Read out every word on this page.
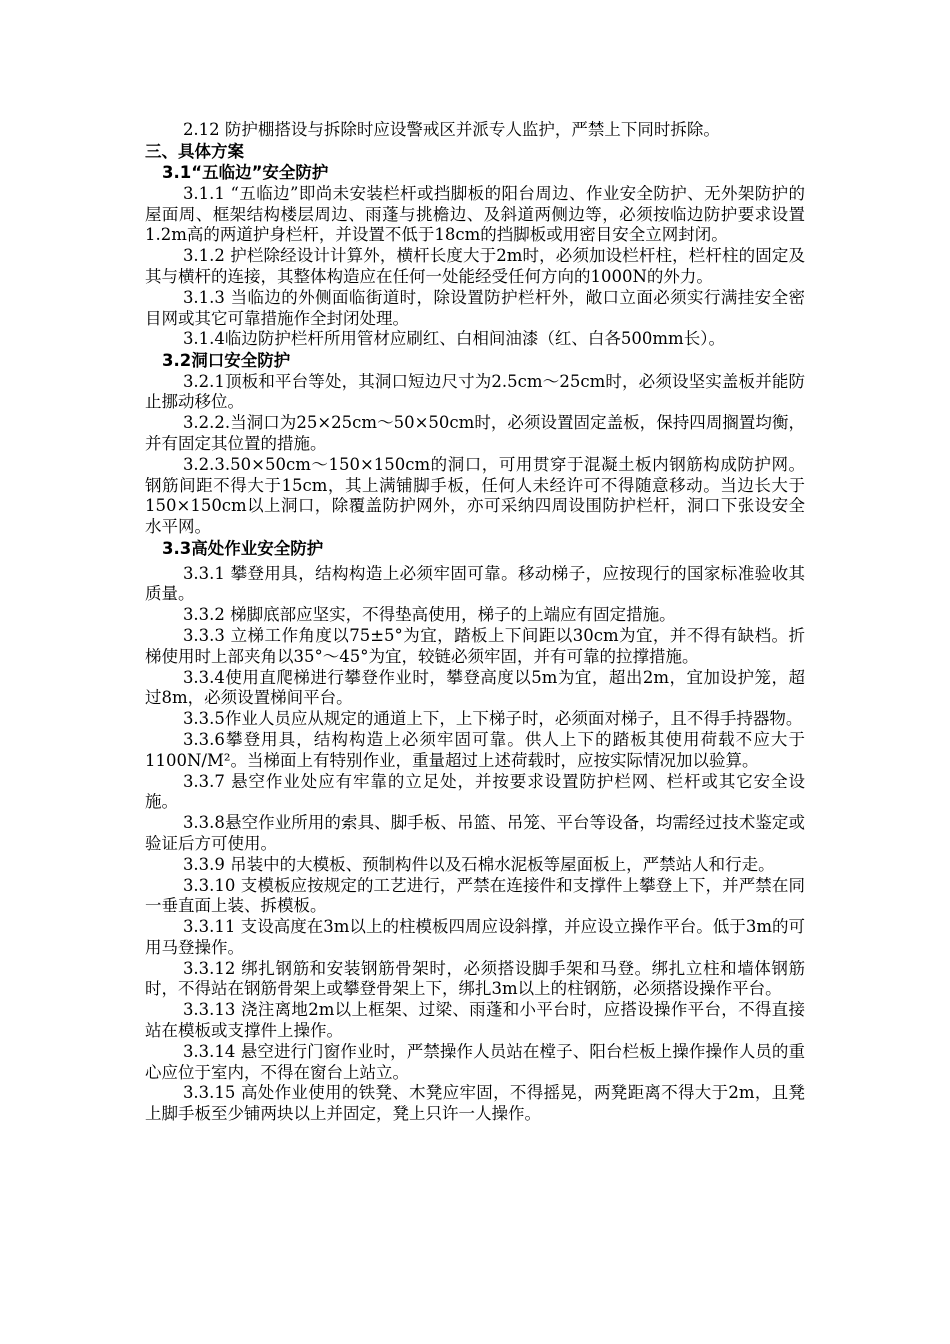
2.12 防护棚搭设与拆除时应设警戒区并派专人监护，严禁上下同时拆除。

三、具体方案

3.1“五临边”安全防护

3.1.1 “五临边”即尚未安装栏杆或挡脚板的阳台周边、作业安全防护、无外架防护的屋面周、框架结构楼层周边、雨蓬与挑檐边、及斜道两侧边等，必须按临边防护要求设置1.2m高的两道护身栏杆，并设置不低于18cm的挡脚板或用密目安全立网封闭。

3.1.2 护栏除经设计计算外，横杆长度大于2m时，必须加设栏杆柱，栏杆柱的固定及其与横杆的连接，其整体构造应在任何一处能经受任何方向的1000N的外力。

3.1.3 当临边的外侧面临街道时，除设置防护栏杆外，敞口立面必须实行满挂安全密目网或其它可靠措施作全封闭处理。

3.1.4临边防护栏杆所用管材应刷红、白相间油漆（红、白各500mm长）。

3.2洞口安全防护

3.2.1顶板和平台等处，其洞口短边尺寸为2.5cm～25cm时，必须设坚实盖板并能防止挪动移位。

3.2.2.当洞口为25×25cm～50×50cm时，必须设置固定盖板，保持四周搁置均衡，并有固定其位置的措施。

3.2.3.50×50cm～150×150cm的洞口，可用贯穿于混凝土板内钢筋构成防护网。钢筋间距不得大于15cm，其上满铺脚手板，任何人未经许可不得随意移动。当边长大于150×150cm以上洞口，除覆盖防护网外，亦可采纳四周设围防护栏杆，洞口下张设安全水平网。

3.3高处作业安全防护

3.3.1 攀登用具，结构构造上必须牢固可靠。移动梯子，应按现行的国家标准验收其质量。

3.3.2 梯脚底部应坚实，不得垫高使用，梯子的上端应有固定措施。

3.3.3 立梯工作角度以75±5°为宜，踏板上下间距以30cm为宜，并不得有缺档。折梯使用时上部夹角以35°～45°为宜，较链必须牢固，并有可靠的拉撑措施。

3.3.4使用直爬梯进行攀登作业时，攀登高度以5m为宜，超出2m，宜加设护笼，超过8m，必须设置梯间平台。

3.3.5作业人员应从规定的通道上下，上下梯子时，必须面对梯子，且不得手持器物。

3.3.6攀登用具，结构构造上必须牢固可靠。供人上下的踏板其使用荷载不应大于1100N/M²。当梯面上有特别作业，重量超过上述荷载时，应按实际情况加以验算。

3.3.7 悬空作业处应有牢靠的立足处，并按要求设置防护栏网、栏杆或其它安全设施。

3.3.8悬空作业所用的索具、脚手板、吊篮、吊笼、平台等设备，均需经过技术鉴定或验证后方可使用。

3.3.9 吊装中的大模板、预制构件以及石棉水泥板等屋面板上，严禁站人和行走。

3.3.10 支模板应按规定的工艺进行，严禁在连接件和支撑件上攀登上下，并严禁在同一垂直面上装、拆模板。

3.3.11 支设高度在3m以上的柱模板四周应设斜撑，并应设立操作平台。低于3m的可用马登操作。

3.3.12 绑扎钢筋和安装钢筋骨架时，必须搭设脚手架和马登。绑扎立柱和墙体钢筋时，不得站在钢筋骨架上或攀登骨架上下，绑扎3m以上的柱钢筋，必须搭设操作平台。

3.3.13 浇注离地2m以上框架、过梁、雨蓬和小平台时，应搭设操作平台，不得直接站在模板或支撑件上操作。

3.3.14 悬空进行门窗作业时，严禁操作人员站在樘子、阳台栏板上操作操作人员的重心应位于室内，不得在窗台上站立。

3.3.15 高处作业使用的铁凳、木凳应牢固，不得摇晃，两凳距离不得大于2m，且凳上脚手板至少铺两块以上并固定，凳上只许一人操作。
